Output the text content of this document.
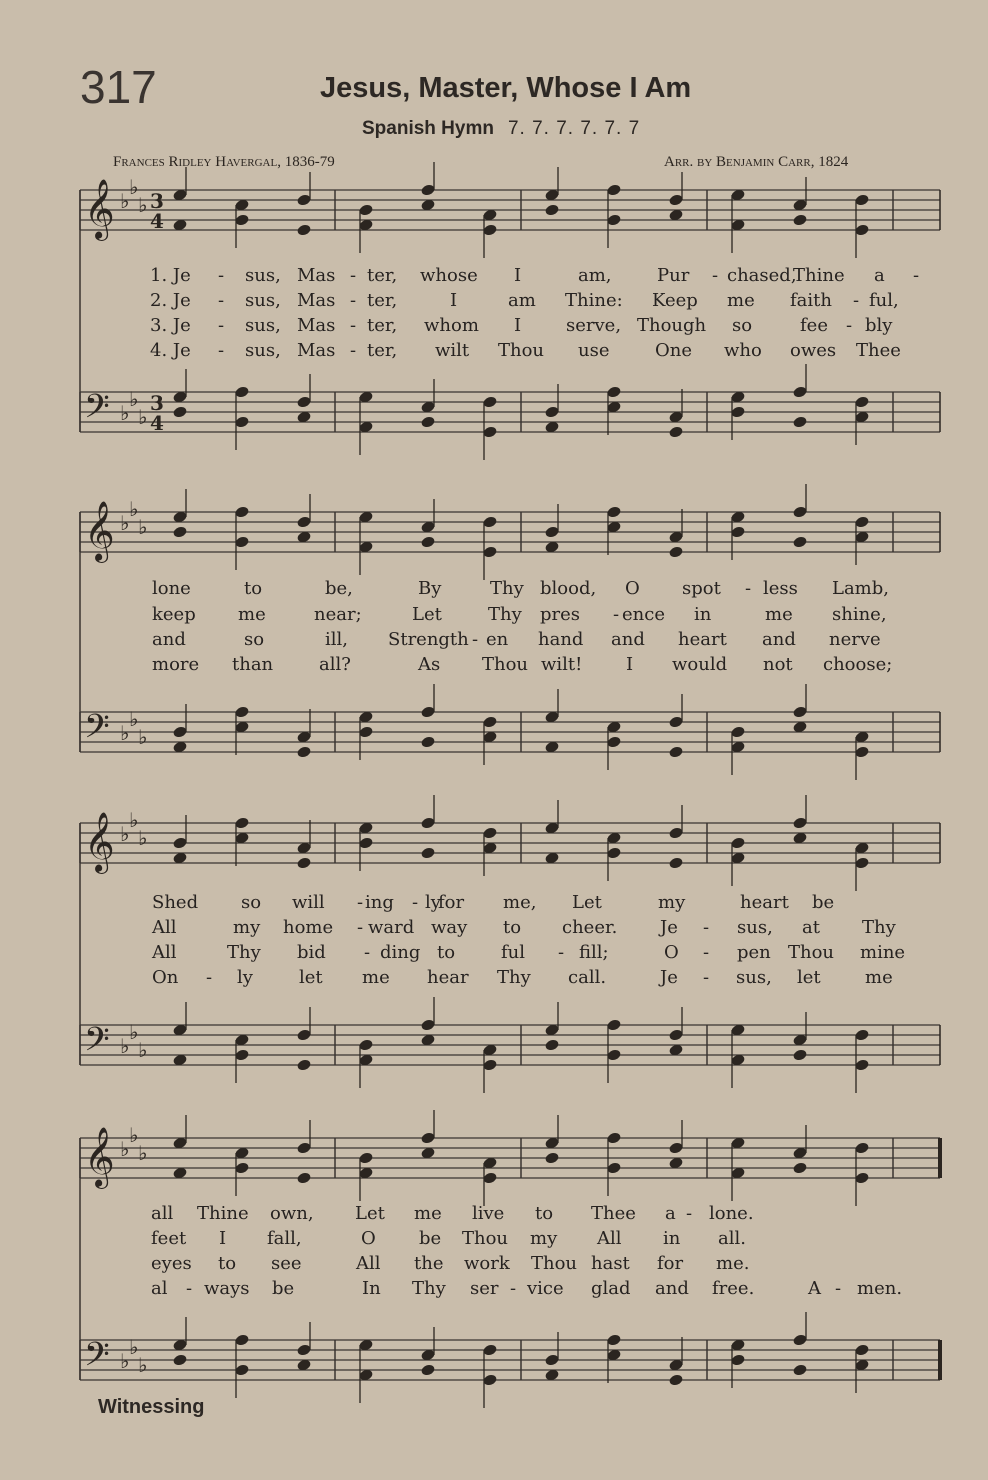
317	Jesus, Master, Whose I Am
Spanish Hymn 7. 7. 7. 7. 7. 7
Frances Ridley Havergal, 1836-79	Arr. by Benjamin Carr, 1824
𝄞 ♭
♭
♭ 3
4
𝄢 ♭
♭
♭
3
4
𝄞 ♭
♭
♭
𝄢 ♭
♭
♭
𝄞 ♭
♭
♭
𝄢 ♭
♭
♭
𝄞 ♭
♭
♭
𝄢 ♭
♭
♭
1. Je - sus, Mas - ter, whose I	am,	Pur - chased,
Thine a -
2. Je - sus, Mas - ter,	I	am Thine: Keep me faith - ful,
3. Je - sus, Mas - ter, whom I serve, Though so	fee - bly
4. Je - sus, Mas - ter, wilt Thou use	One who owes Thee
lone	to	be,	By	Thy blood, O spot - less Lamb,
keep me	near;	Let	Thy pres - ence in	me shine,
and	so	ill, Strength - en hand and heart and nerve
more than	all?	As Thou wilt! I would not choose;
Shed so will - ing - ly
for me, Let	my	heart be
All	my home - ward way to cheer. Je - sus, at Thy
All	Thy bid - ding to	ful - fill;	O - pen Thou mine
On - ly	let me hear Thy call.	Je - sus, let me
all Thine own, Let me live to Thee a - lone.
feet I fall,	O be Thou my All in all.
eyes to see	All the work Thou hast for me.
al - ways be	In Thy ser - vice glad and free.	A - men.
Witnessing
